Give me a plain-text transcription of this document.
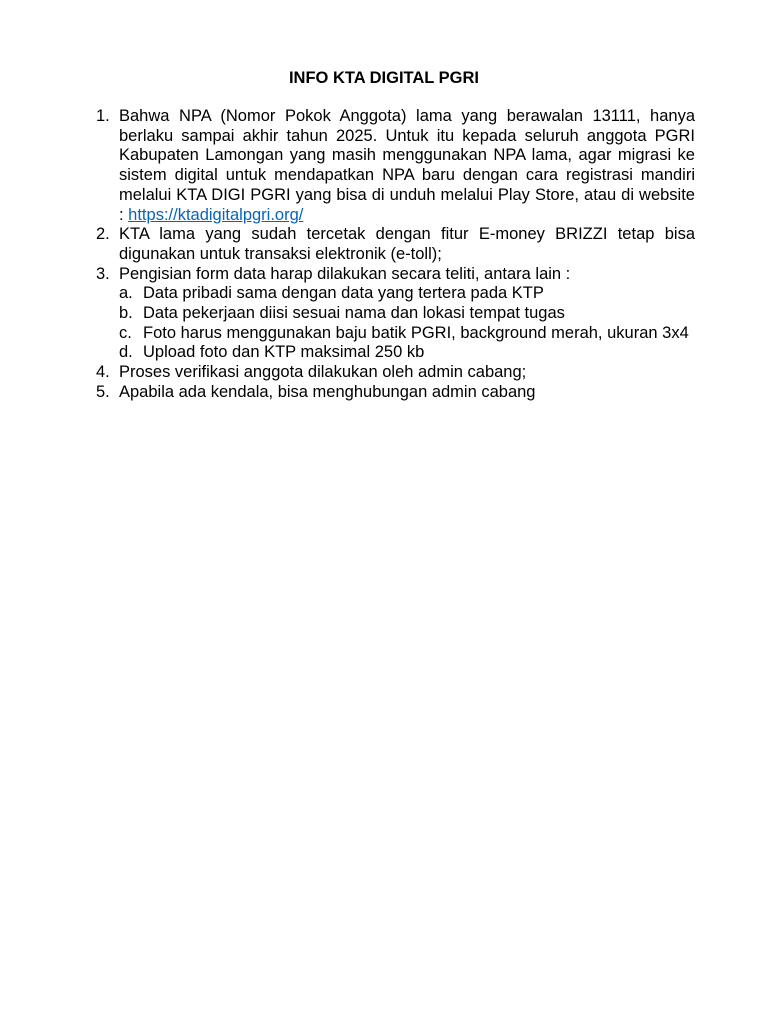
INFO KTA DIGITAL PGRI
1. Bahwa NPA (Nomor Pokok Anggota) lama yang berawalan 13111, hanya berlaku sampai akhir tahun 2025. Untuk itu kepada seluruh anggota PGRI Kabupaten Lamongan yang masih menggunakan NPA lama, agar migrasi ke sistem digital untuk mendapatkan NPA baru dengan cara registrasi mandiri melalui KTA DIGI PGRI yang bisa di unduh melalui Play Store, atau di website : https://ktadigitalpgri.org/
2. KTA lama yang sudah tercetak dengan fitur E-money BRIZZI tetap bisa digunakan untuk transaksi elektronik (e-toll);
3. Pengisian form data harap dilakukan secara teliti, antara lain :
a. Data pribadi sama dengan data yang tertera pada KTP
b. Data pekerjaan diisi sesuai nama dan lokasi tempat tugas
c. Foto harus menggunakan baju batik PGRI, background merah, ukuran 3x4
d. Upload foto dan KTP maksimal 250 kb
4. Proses verifikasi anggota dilakukan oleh admin cabang;
5. Apabila ada kendala, bisa menghubungan admin cabang
